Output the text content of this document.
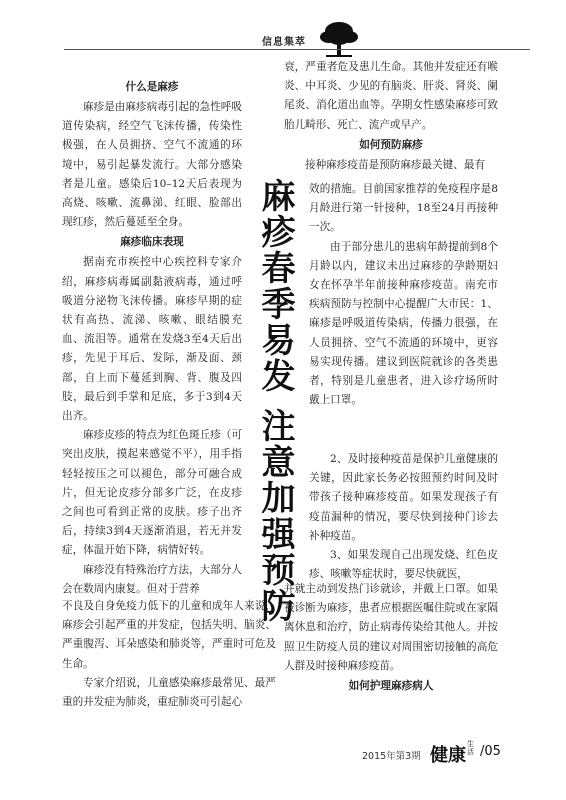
信息集萃
什么是麻疹

麻疹是由麻疹病毒引起的急性呼吸道传染病，经空气飞沫传播，传染性极强，在人员拥挤、空气不流通的环境中，易引起暴发流行。大部分感染者是儿童。感染后10–12天后表现为高烧、咳嗽、流鼻涕、红眼、脸部出现红疹，然后蔓延至全身。

麻疹临床表现

据南充市疾控中心疾控科专家介绍，麻疹病毒属副黏液病毒，通过呼吸道分泌物飞沫传播。麻疹早期的症状有高热、流涕、咳嗽、眼结膜充血、流泪等。通常在发烧3至4天后出疹，先见于耳后、发际，渐及面、颈部，自上而下蔓延到胸、背、腹及四肢，最后到手掌和足底，多于3到4天出齐。

麻疹皮疹的特点为红色斑丘疹（可突出皮肤，摸起来感觉不平），用手指轻轻按压之可以褪色，部分可融合成片，但无论皮疹分部多广泛，在皮疹之间也可看到正常的皮肤。疹子出齐后，持续3到4天逐渐消退，若无并发症，体温开始下降，病情好转。

麻疹没有特殊治疗方法，大部分人会在数周内康复。但对于营养

不良及自身免疫力低下的儿童和成年人来说，麻疹会引起严重的并发症，包括失明、脑炎、严重腹泻、耳朵感染和肺炎等，严重时可危及生命。

专家介绍说，儿童感染麻疹最常见、最严重的并发症为肺炎，重症肺炎可引起心

衰，严重者危及患儿生命。其他并发症还有喉炎、中耳炎、少见的有脑炎、肝炎、肾炎、阑尾炎、消化道出血等。孕期女性感染麻疹可致胎儿畸形、死亡、流产或早产。

如何预防麻疹

接种麻疹疫苗是预防麻疹最关键、最有

效的措施。目前国家推荐的免疫程序是8月龄进行第一针接种，18至24月再接种一次。

由于部分患儿的患病年龄提前到8个月龄以内，建议未出过麻疹的孕龄期妇女在怀孕半年前接种麻疹疫苗。南充市疾病预防与控制中心提醒广大市民：1、麻疹是呼吸道传染病，传播力很强，在人员拥挤、空气不流通的环境中，更容易实现传播。建议到医院就诊的各类患者，特别是儿童患者，进入诊疗场所时戴上口罩。

2、及时接种疫苗是保护儿童健康的关键，因此家长务必按照预约时间及时带孩子接种麻疹疫苗。如果发现孩子有疫苗漏种的情况，要尽快到接种门诊去补种疫苗。

3、如果发现自己出现发烧、红色皮疹、咳嗽等症状时，要尽快就医，

并就主动到发热门诊就诊，并戴上口罩。如果被诊断为麻疹，患者应根据医嘱住院或在家隔离休息和治疗，防止病毒传染给其他人。并按照卫生防疫人员的建议对周围密切接触的高危人群及时接种麻疹疫苗。

如何护理麻疹病人
麻疹春季易发 注意加强预防
2015年第3期 健康
生活 /05
